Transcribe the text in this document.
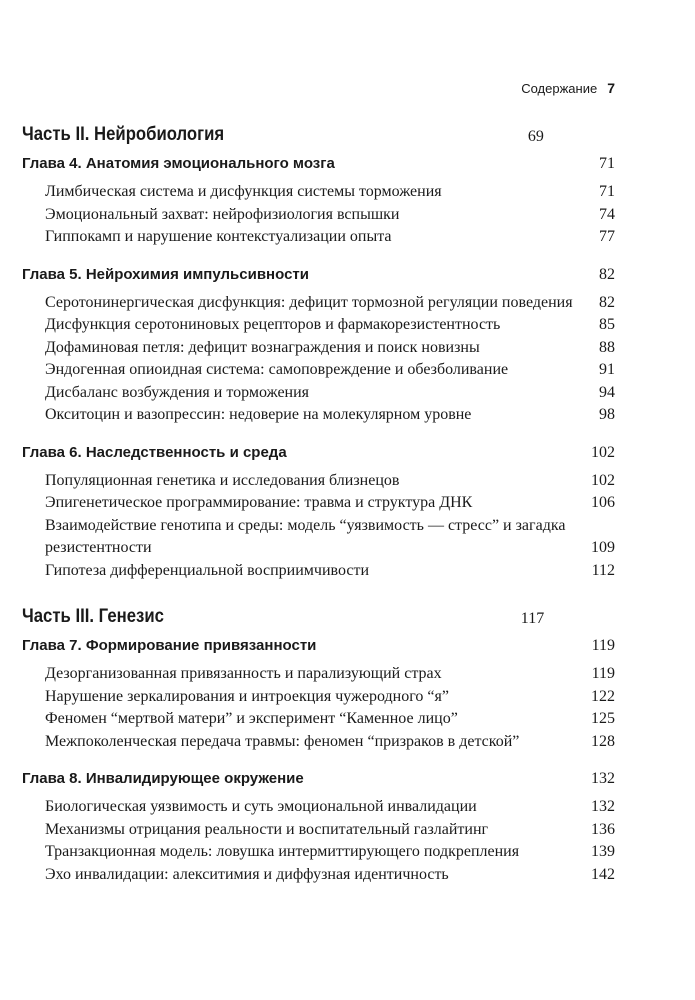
Содержание 7
Часть II. Нейробиология	69
Глава 4. Анатомия эмоционального мозга	71
Лимбическая система и дисфункция системы торможения	71
Эмоциональный захват: нейрофизиология вспышки	74
Гиппокамп и нарушение контекстуализации опыта	77
Глава 5. Нейрохимия импульсивности	82
Серотонинергическая дисфункция: дефицит тормозной регуляции поведения	82
Дисфункция серотониновых рецепторов и фармакорезистентность	85
Дофаминовая петля: дефицит вознаграждения и поиск новизны	88
Эндогенная опиоидная система: самоповреждение и обезболивание	91
Дисбаланс возбуждения и торможения	94
Окситоцин и вазопрессин: недоверие на молекулярном уровне	98
Глава 6. Наследственность и среда	102
Популяционная генетика и исследования близнецов	102
Эпигенетическое программирование: травма и структура ДНК	106
Взаимодействие генотипа и среды: модель “уязвимость — стресс” и загадка резистентности	109
Гипотеза дифференциальной восприимчивости	112
Часть III. Генезис	117
Глава 7. Формирование привязанности	119
Дезорганизованная привязанность и парализующий страх	119
Нарушение зеркалирования и интроекция чужеродного “я”	122
Феномен “мертвой матери” и эксперимент “Каменное лицо”	125
Межпоколенческая передача травмы: феномен “призраков в детской”	128
Глава 8. Инвалидирующее окружение	132
Биологическая уязвимость и суть эмоциональной инвалидации	132
Механизмы отрицания реальности и воспитательный газлайтинг	136
Транзакционная модель: ловушка интермиттирующего подкрепления	139
Эхо инвалидации: алекситимия и диффузная идентичность	142
